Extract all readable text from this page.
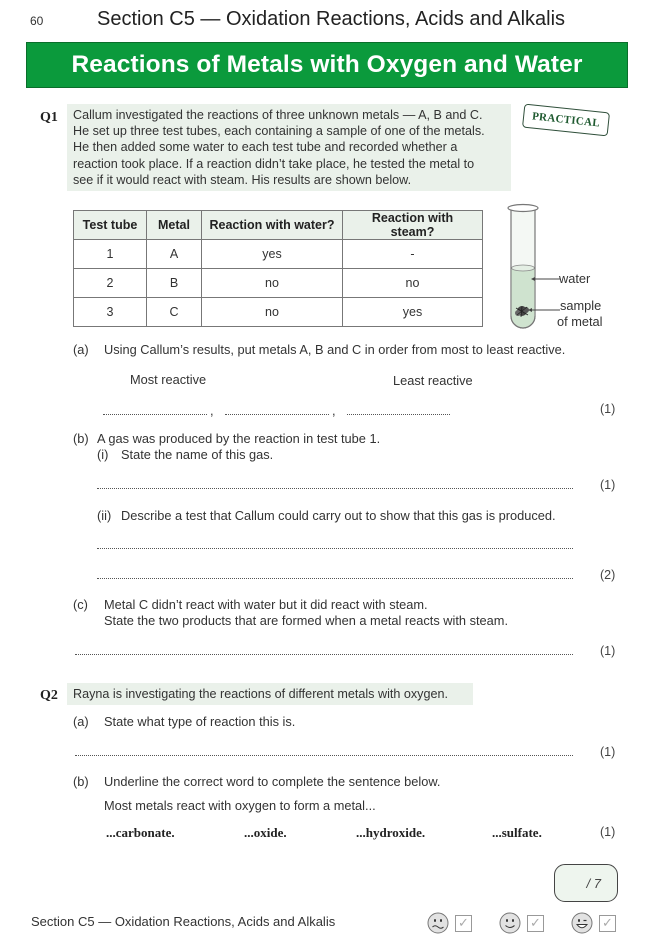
60	Section C5 — Oxidation Reactions, Acids and Alkalis
Reactions of Metals with Oxygen and Water
Q1 Callum investigated the reactions of three unknown metals — A, B and C.
He set up three test tubes, each containing a sample of one of the metals.
He then added some water to each test tube and recorded whether a
reaction took place. If a reaction didn’t take place, he tested the metal to
see if it would react with steam. His results are shown below.
PRACTICAL
Test tube	Metal	Reaction with water?	Reaction with steam?
1	A	yes	-
2	B	no	no
3	C	no	yes
water
sample
of metal
(a) Using Callum’s results, put metals A, B and C in order from most to least reactive.
Most reactive	Least reactive
,	,	(1)
(b) A gas was produced by the reaction in test tube 1.
(i) State the name of this gas.
(1)
(ii) Describe a test that Callum could carry out to show that this gas is produced.
(2)
(c) Metal C didn’t react with water but it did react with steam.
State the two products that are formed when a metal reacts with steam.
(1)
Q2	Rayna is investigating the reactions of different metals with oxygen.
(a) State what type of reaction this is.
(1)
(b) Underline the correct word to complete the sentence below.
Most metals react with oxygen to form a metal...
...carbonate.	...oxide.	...hydroxide.	...sulfate.	(1)
/ 7
Section C5 — Oxidation Reactions, Acids and Alkalis	✓	✓	✓
